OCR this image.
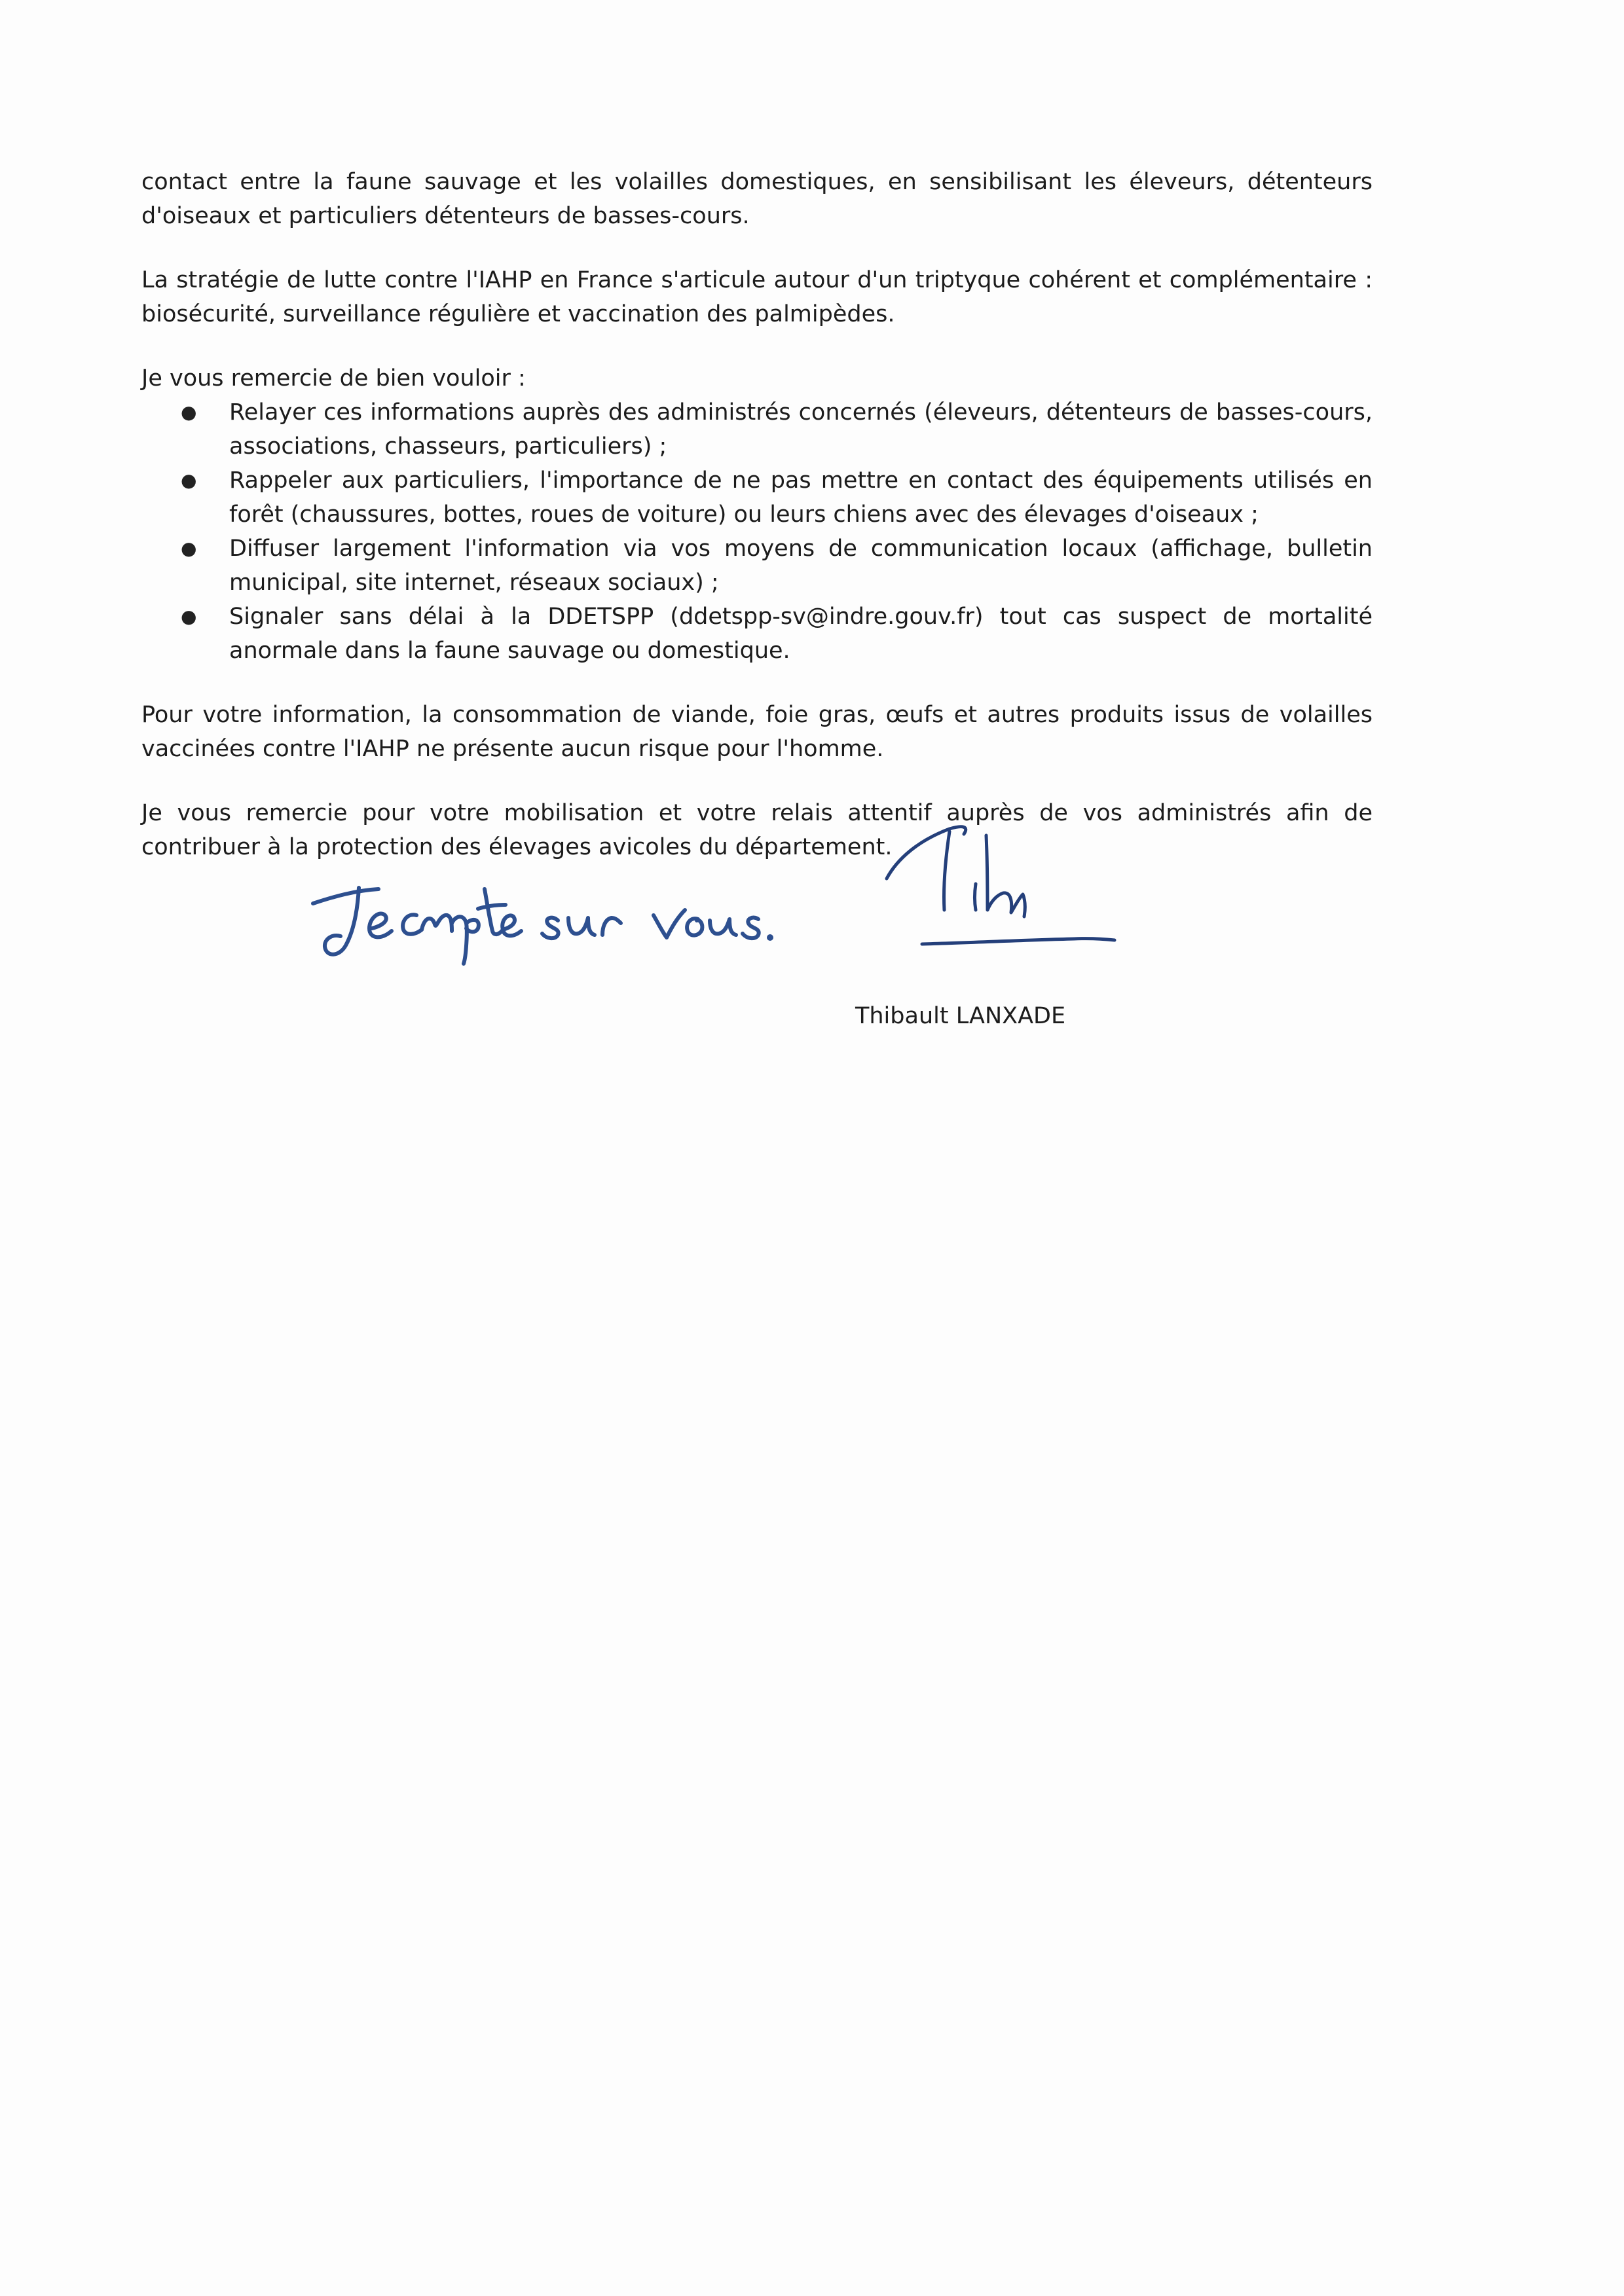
contact entre la faune sauvage et les volailles domestiques, en sensibilisant les éleveurs, détenteurs d'oiseaux et particuliers détenteurs de basses-cours.

La stratégie de lutte contre l'IAHP en France s'articule autour d'un triptyque cohérent et complémentaire : biosécurité, surveillance régulière et vaccination des palmipèdes.

Je vous remercie de bien vouloir :

● Relayer ces informations auprès des administrés concernés (éleveurs, détenteurs de basses-cours, associations, chasseurs, particuliers) ;
● Rappeler aux particuliers, l'importance de ne pas mettre en contact des équipements utilisés en forêt (chaussures, bottes, roues de voiture) ou leurs chiens avec des élevages d'oiseaux ;
● Diffuser largement l'information via vos moyens de communication locaux (affichage, bulletin municipal, site internet, réseaux sociaux) ;
● Signaler sans délai à la DDETSPP (ddetspp-sv@indre.gouv.fr) tout cas suspect de mortalité anormale dans la faune sauvage ou domestique.

Pour votre information, la consommation de viande, foie gras, œufs et autres produits issus de volailles vaccinées contre l'IAHP ne présente aucun risque pour l'homme.

Je vous remercie pour votre mobilisation et votre relais attentif auprès de vos administrés afin de contribuer à la protection des élevages avicoles du département.

Thibault LANXADE
